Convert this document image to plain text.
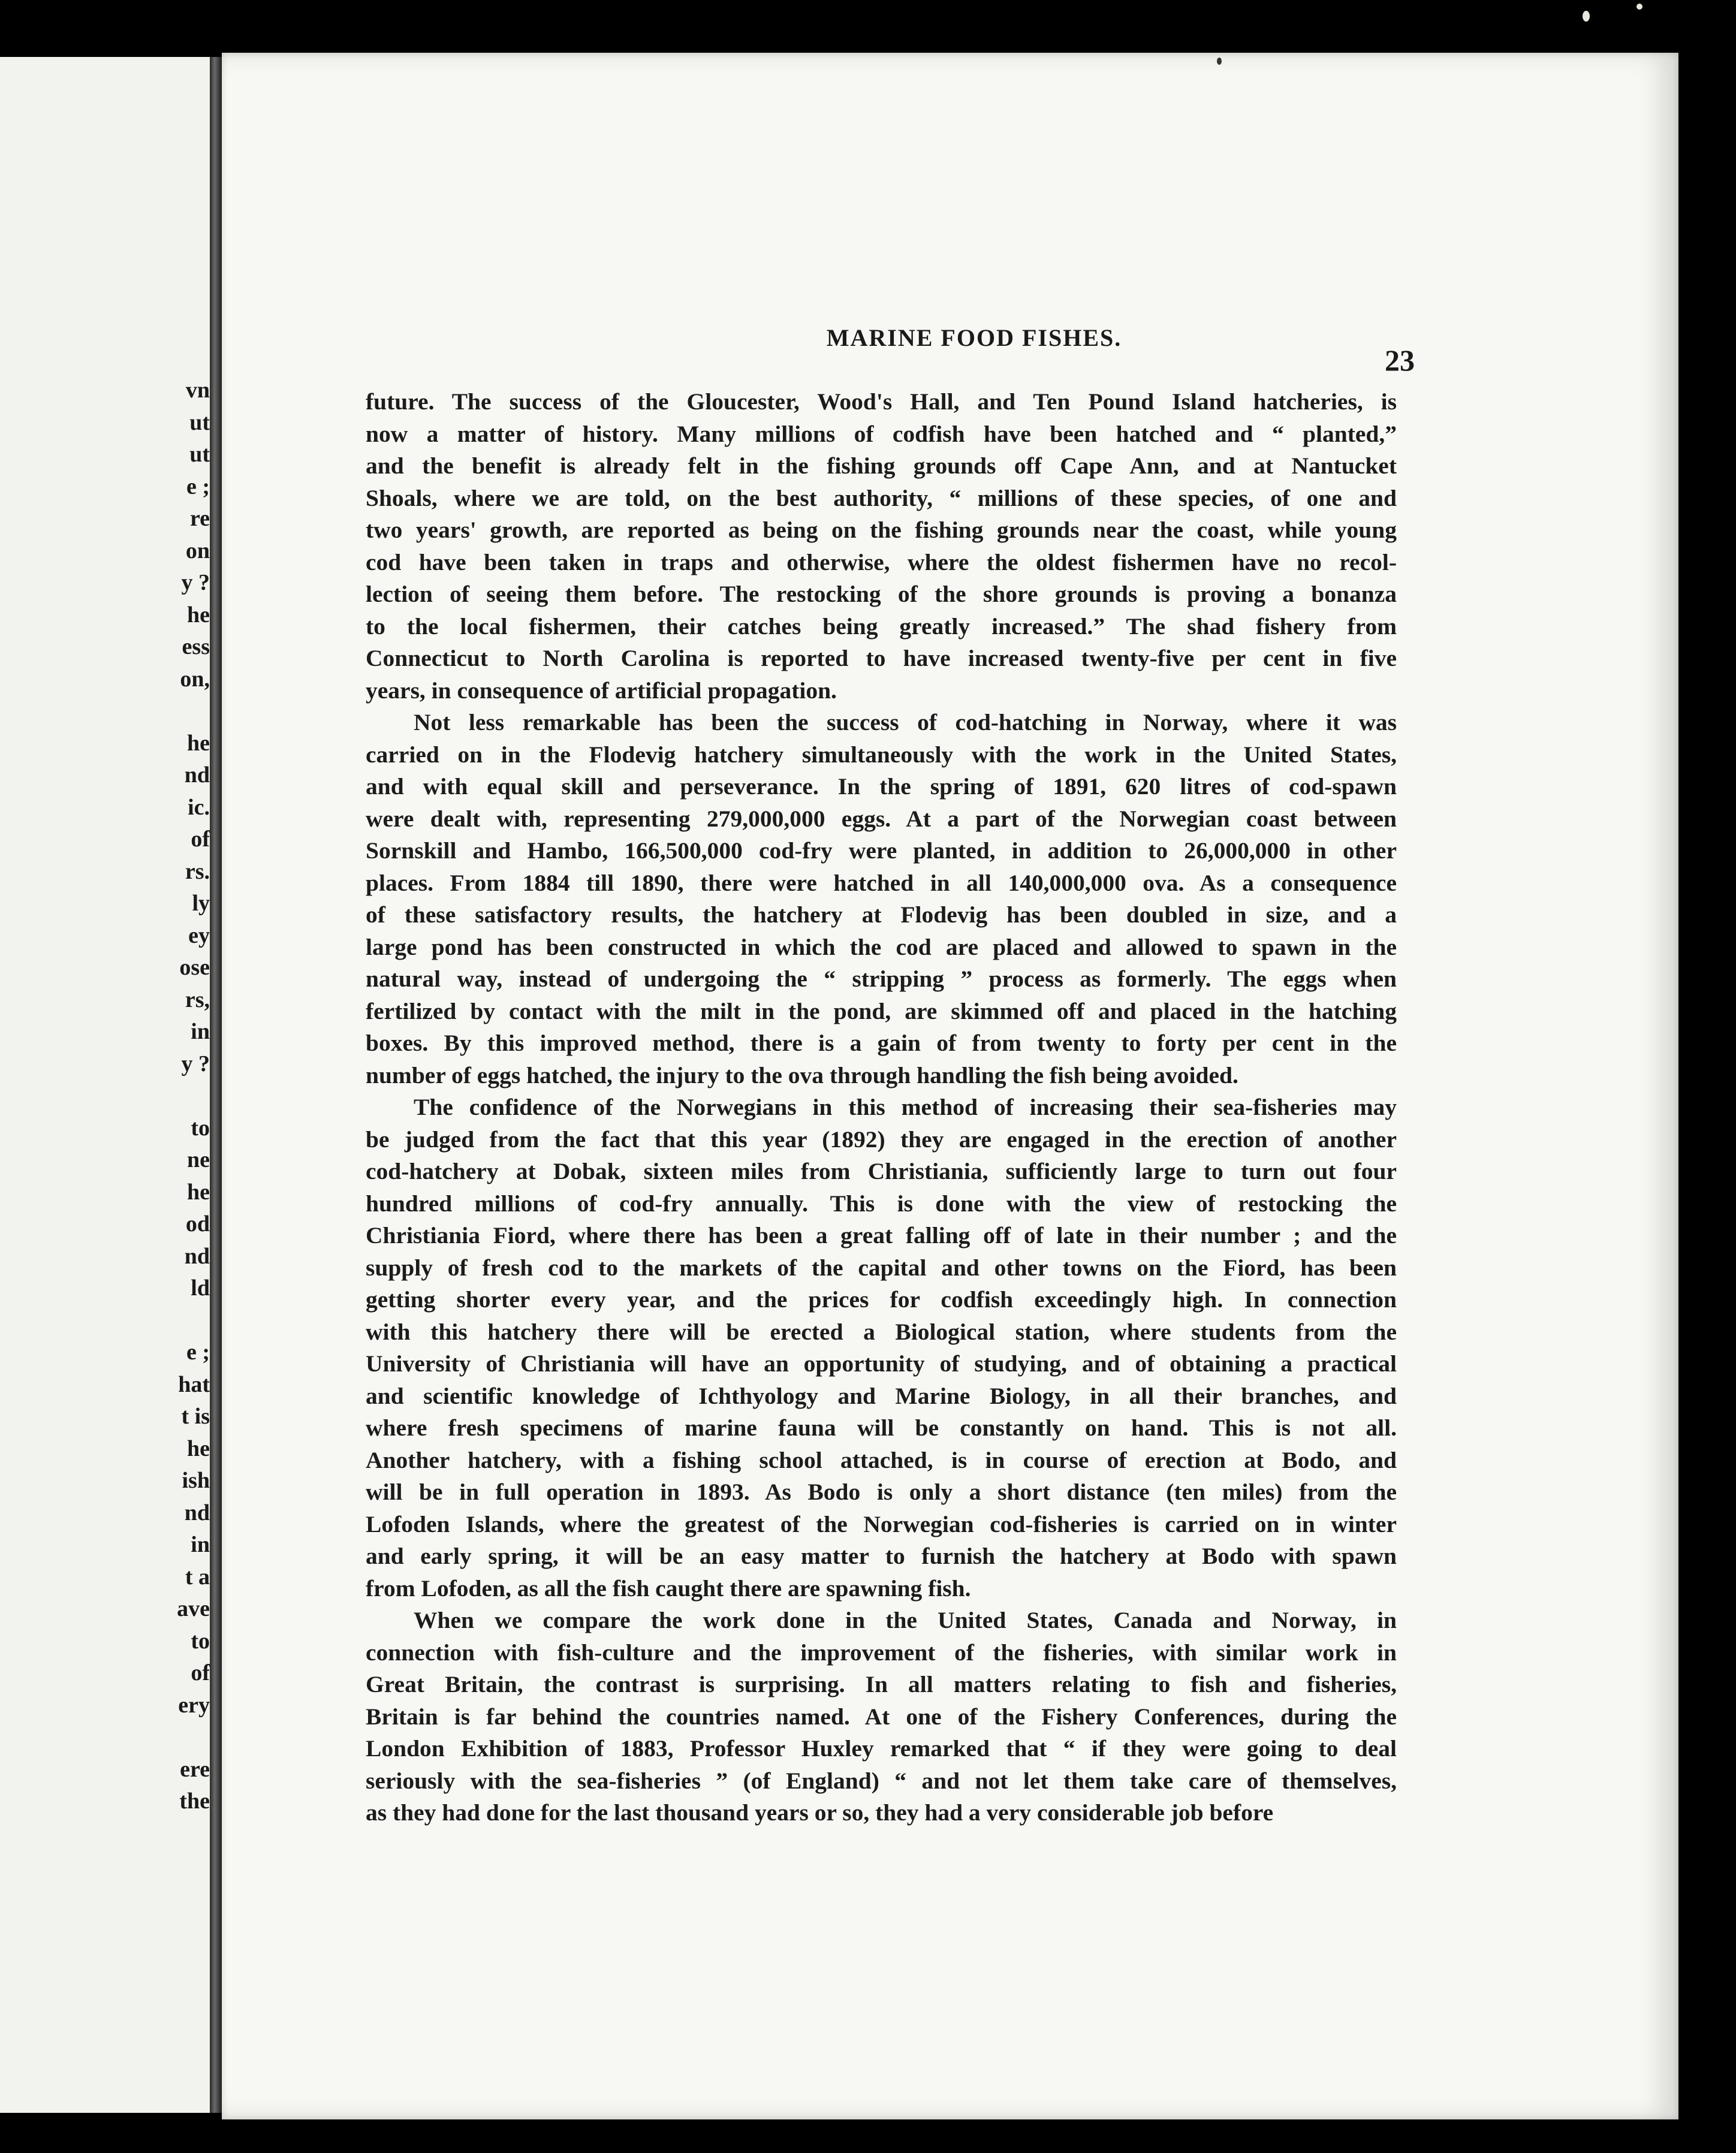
vn
ut
ut
e ;
re
on
y ?
he
ess
on,
he
nd
ic.
of
rs.
ly
ey
ose
rs,
in
y ?
to
ne
he
od
nd
ld
e ;
hat
t is
he
ish
nd
in
t a
ave
to
of
ery
ere
the
MARINE FOOD FISHES.
23
future. The success of the Gloucester, Wood's Hall, and Ten Pound Island hatcheries, is
now a matter of history. Many millions of codfish have been hatched and “ planted,”
and the benefit is already felt in the fishing grounds off Cape Ann, and at Nantucket
Shoals, where we are told, on the best authority, “ millions of these species, of one and
two years' growth, are reported as being on the fishing grounds near the coast, while young
cod have been taken in traps and otherwise, where the oldest fishermen have no recol-
lection of seeing them before. The restocking of the shore grounds is proving a bonanza
to the local fishermen, their catches being greatly increased.” The shad fishery from
Connecticut to North Carolina is reported to have increased twenty-five per cent in five
years, in consequence of artificial propagation.
Not less remarkable has been the success of cod-hatching in Norway, where it was
carried on in the Flodevig hatchery simultaneously with the work in the United States,
and with equal skill and perseverance. In the spring of 1891, 620 litres of cod-spawn
were dealt with, representing 279,000,000 eggs. At a part of the Norwegian coast between
Sornskill and Hambo, 166,500,000 cod-fry were planted, in addition to 26,000,000 in other
places. From 1884 till 1890, there were hatched in all 140,000,000 ova. As a consequence
of these satisfactory results, the hatchery at Flodevig has been doubled in size, and a
large pond has been constructed in which the cod are placed and allowed to spawn in the
natural way, instead of undergoing the “ stripping ” process as formerly. The eggs when
fertilized by contact with the milt in the pond, are skimmed off and placed in the hatching
boxes. By this improved method, there is a gain of from twenty to forty per cent in the
number of eggs hatched, the injury to the ova through handling the fish being avoided.
The confidence of the Norwegians in this method of increasing their sea-fisheries may
be judged from the fact that this year (1892) they are engaged in the erection of another
cod-hatchery at Dobak, sixteen miles from Christiania, sufficiently large to turn out four
hundred millions of cod-fry annually. This is done with the view of restocking the
Christiania Fiord, where there has been a great falling off of late in their number ; and the
supply of fresh cod to the markets of the capital and other towns on the Fiord, has been
getting shorter every year, and the prices for codfish exceedingly high. In connection
with this hatchery there will be erected a Biological station, where students from the
University of Christiania will have an opportunity of studying, and of obtaining a practical
and scientific knowledge of Ichthyology and Marine Biology, in all their branches, and
where fresh specimens of marine fauna will be constantly on hand. This is not all.
Another hatchery, with a fishing school attached, is in course of erection at Bodo, and
will be in full operation in 1893. As Bodo is only a short distance (ten miles) from the
Lofoden Islands, where the greatest of the Norwegian cod-fisheries is carried on in winter
and early spring, it will be an easy matter to furnish the hatchery at Bodo with spawn
from Lofoden, as all the fish caught there are spawning fish.
When we compare the work done in the United States, Canada and Norway, in
connection with fish-culture and the improvement of the fisheries, with similar work in
Great Britain, the contrast is surprising. In all matters relating to fish and fisheries,
Britain is far behind the countries named. At one of the Fishery Conferences, during the
London Exhibition of 1883, Professor Huxley remarked that “ if they were going to deal
seriously with the sea-fisheries ” (of England) “ and not let them take care of themselves,
as they had done for the last thousand years or so, they had a very considerable job before
